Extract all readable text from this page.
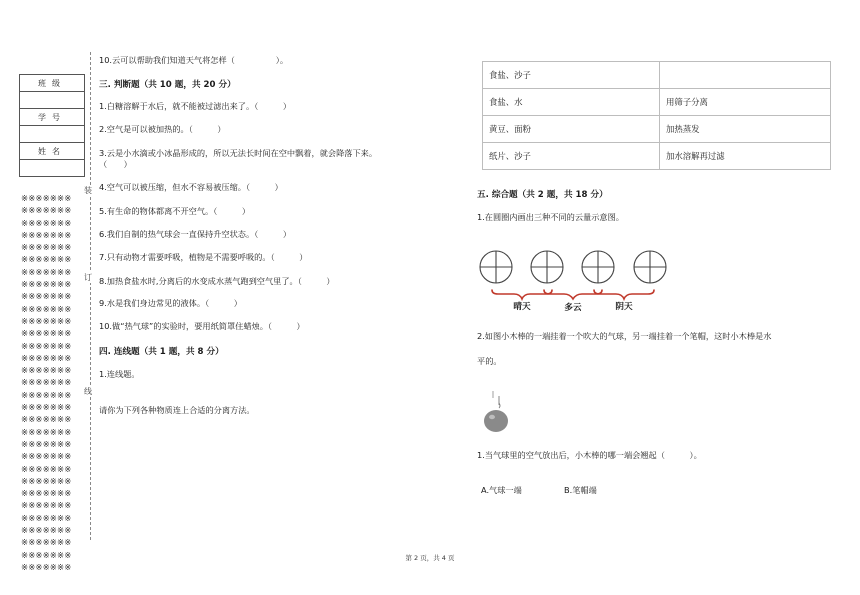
班级

学号

姓名

※※※※※※※
※※※※※※※
※※※※※※※
※※※※※※※
※※※※※※※
※※※※※※※
※※※※※※※
※※※※※※※
※※※※※※※
※※※※※※※
※※※※※※※
※※※※※※※
※※※※※※※
※※※※※※※
※※※※※※※
※※※※※※※
※※※※※※※
※※※※※※※
※※※※※※※
※※※※※※※
※※※※※※※
※※※※※※※
※※※※※※※
※※※※※※※
※※※※※※※
※※※※※※※
※※※※※※※
※※※※※※※
※※※※※※※
※※※※※※※
※※※※※※※
装
订
线
10.云可以帮助我们知道天气将怎样（　　　　　）。
三. 判断题（共 10 题，共 20 分）
1.白糖溶解于水后，就不能被过滤出来了。（　　　）
2.空气是可以被加热的。（　　　）
3.云是小水滴或小冰晶形成的，所以无法长时间在空中飘着，就会降落下来。
（　　）
4.空气可以被压缩，但水不容易被压缩。（　　　）
5.有生命的物体都离不开空气。（　　　）
6.我们自制的热气球会一直保持升空状态。（　　　）
7.只有动物才需要呼吸，植物是不需要呼吸的。（　　　）
8.加热食盐水时,分离后的水变成水蒸气跑到空气里了。（　　　）
9.水是我们身边常见的液体。（　　　）
10.做“热气球”的实验时，要用纸简罩住蜡烛。（　　　）
四. 连线题（共 1 题，共 8 分）
1.连线题。
请你为下列各种物质连上合适的分离方法。
食盐、沙子	
食盐、水	用筛子分离
黄豆、面粉	加热蒸发
纸片、沙子	加水溶解再过滤
五. 综合题（共 2 题，共 18 分）
1.在圆圈内画出三种不同的云量示意图。
晴天	多云	阴天
2.如图小木棒的一端挂着一个吹大的气球，另一端挂着一个笔帽，这时小木棒是水
平的。
1.当气球里的空气放出后，小木棒的哪一端会翘起（　　　）。
A.气球一端	B.笔帽端
第 2 页，共 4 页
